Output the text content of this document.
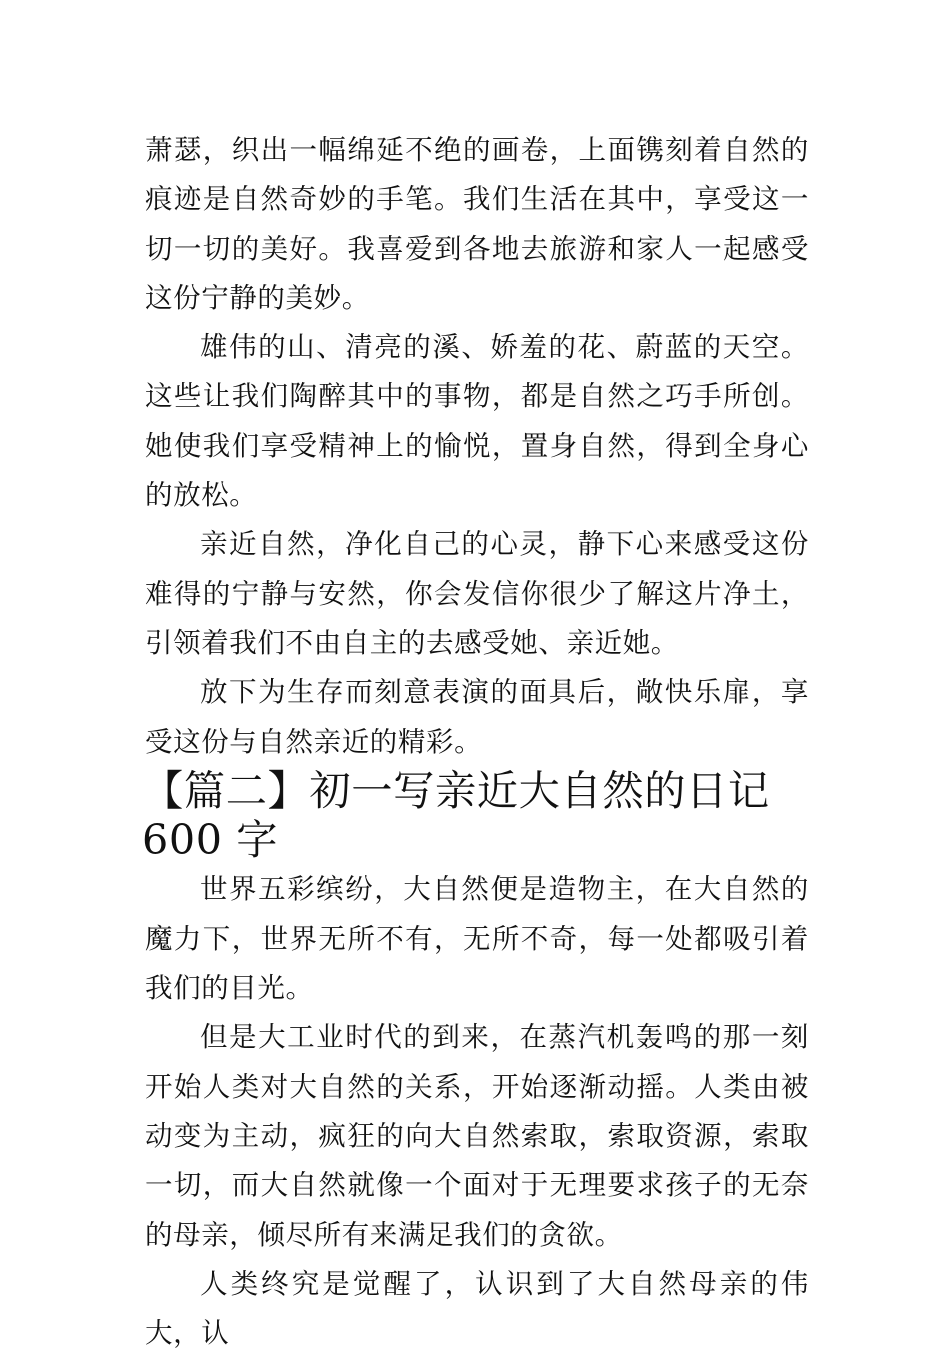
萧瑟，织出一幅绵延不绝的画卷，上面镌刻着自然的痕迹是自然奇妙的手笔。我们生活在其中，享受这一切一切的美好。我喜爱到各地去旅游和家人一起感受这份宁静的美妙。

雄伟的山、清亮的溪、娇羞的花、蔚蓝的天空。这些让我们陶醉其中的事物，都是自然之巧手所创。她使我们享受精神上的愉悦，置身自然，得到全身心的放松。

亲近自然，净化自己的心灵，静下心来感受这份难得的宁静与安然，你会发信你很少了解这片净土，引领着我们不由自主的去感受她、亲近她。

放下为生存而刻意表演的面具后，敞快乐扉，享受这份与自然亲近的精彩。

【篇二】初一写亲近大自然的日记 600 字

世界五彩缤纷，大自然便是造物主，在大自然的魔力下，世界无所不有，无所不奇，每一处都吸引着我们的目光。

但是大工业时代的到来，在蒸汽机轰鸣的那一刻开始人类对大自然的关系，开始逐渐动摇。人类由被动变为主动，疯狂的向大自然索取，索取资源，索取一切，而大自然就像一个面对于无理要求孩子的无奈的母亲，倾尽所有来满足我们的贪欲。

人类终究是觉醒了，认识到了大自然母亲的伟大，认
